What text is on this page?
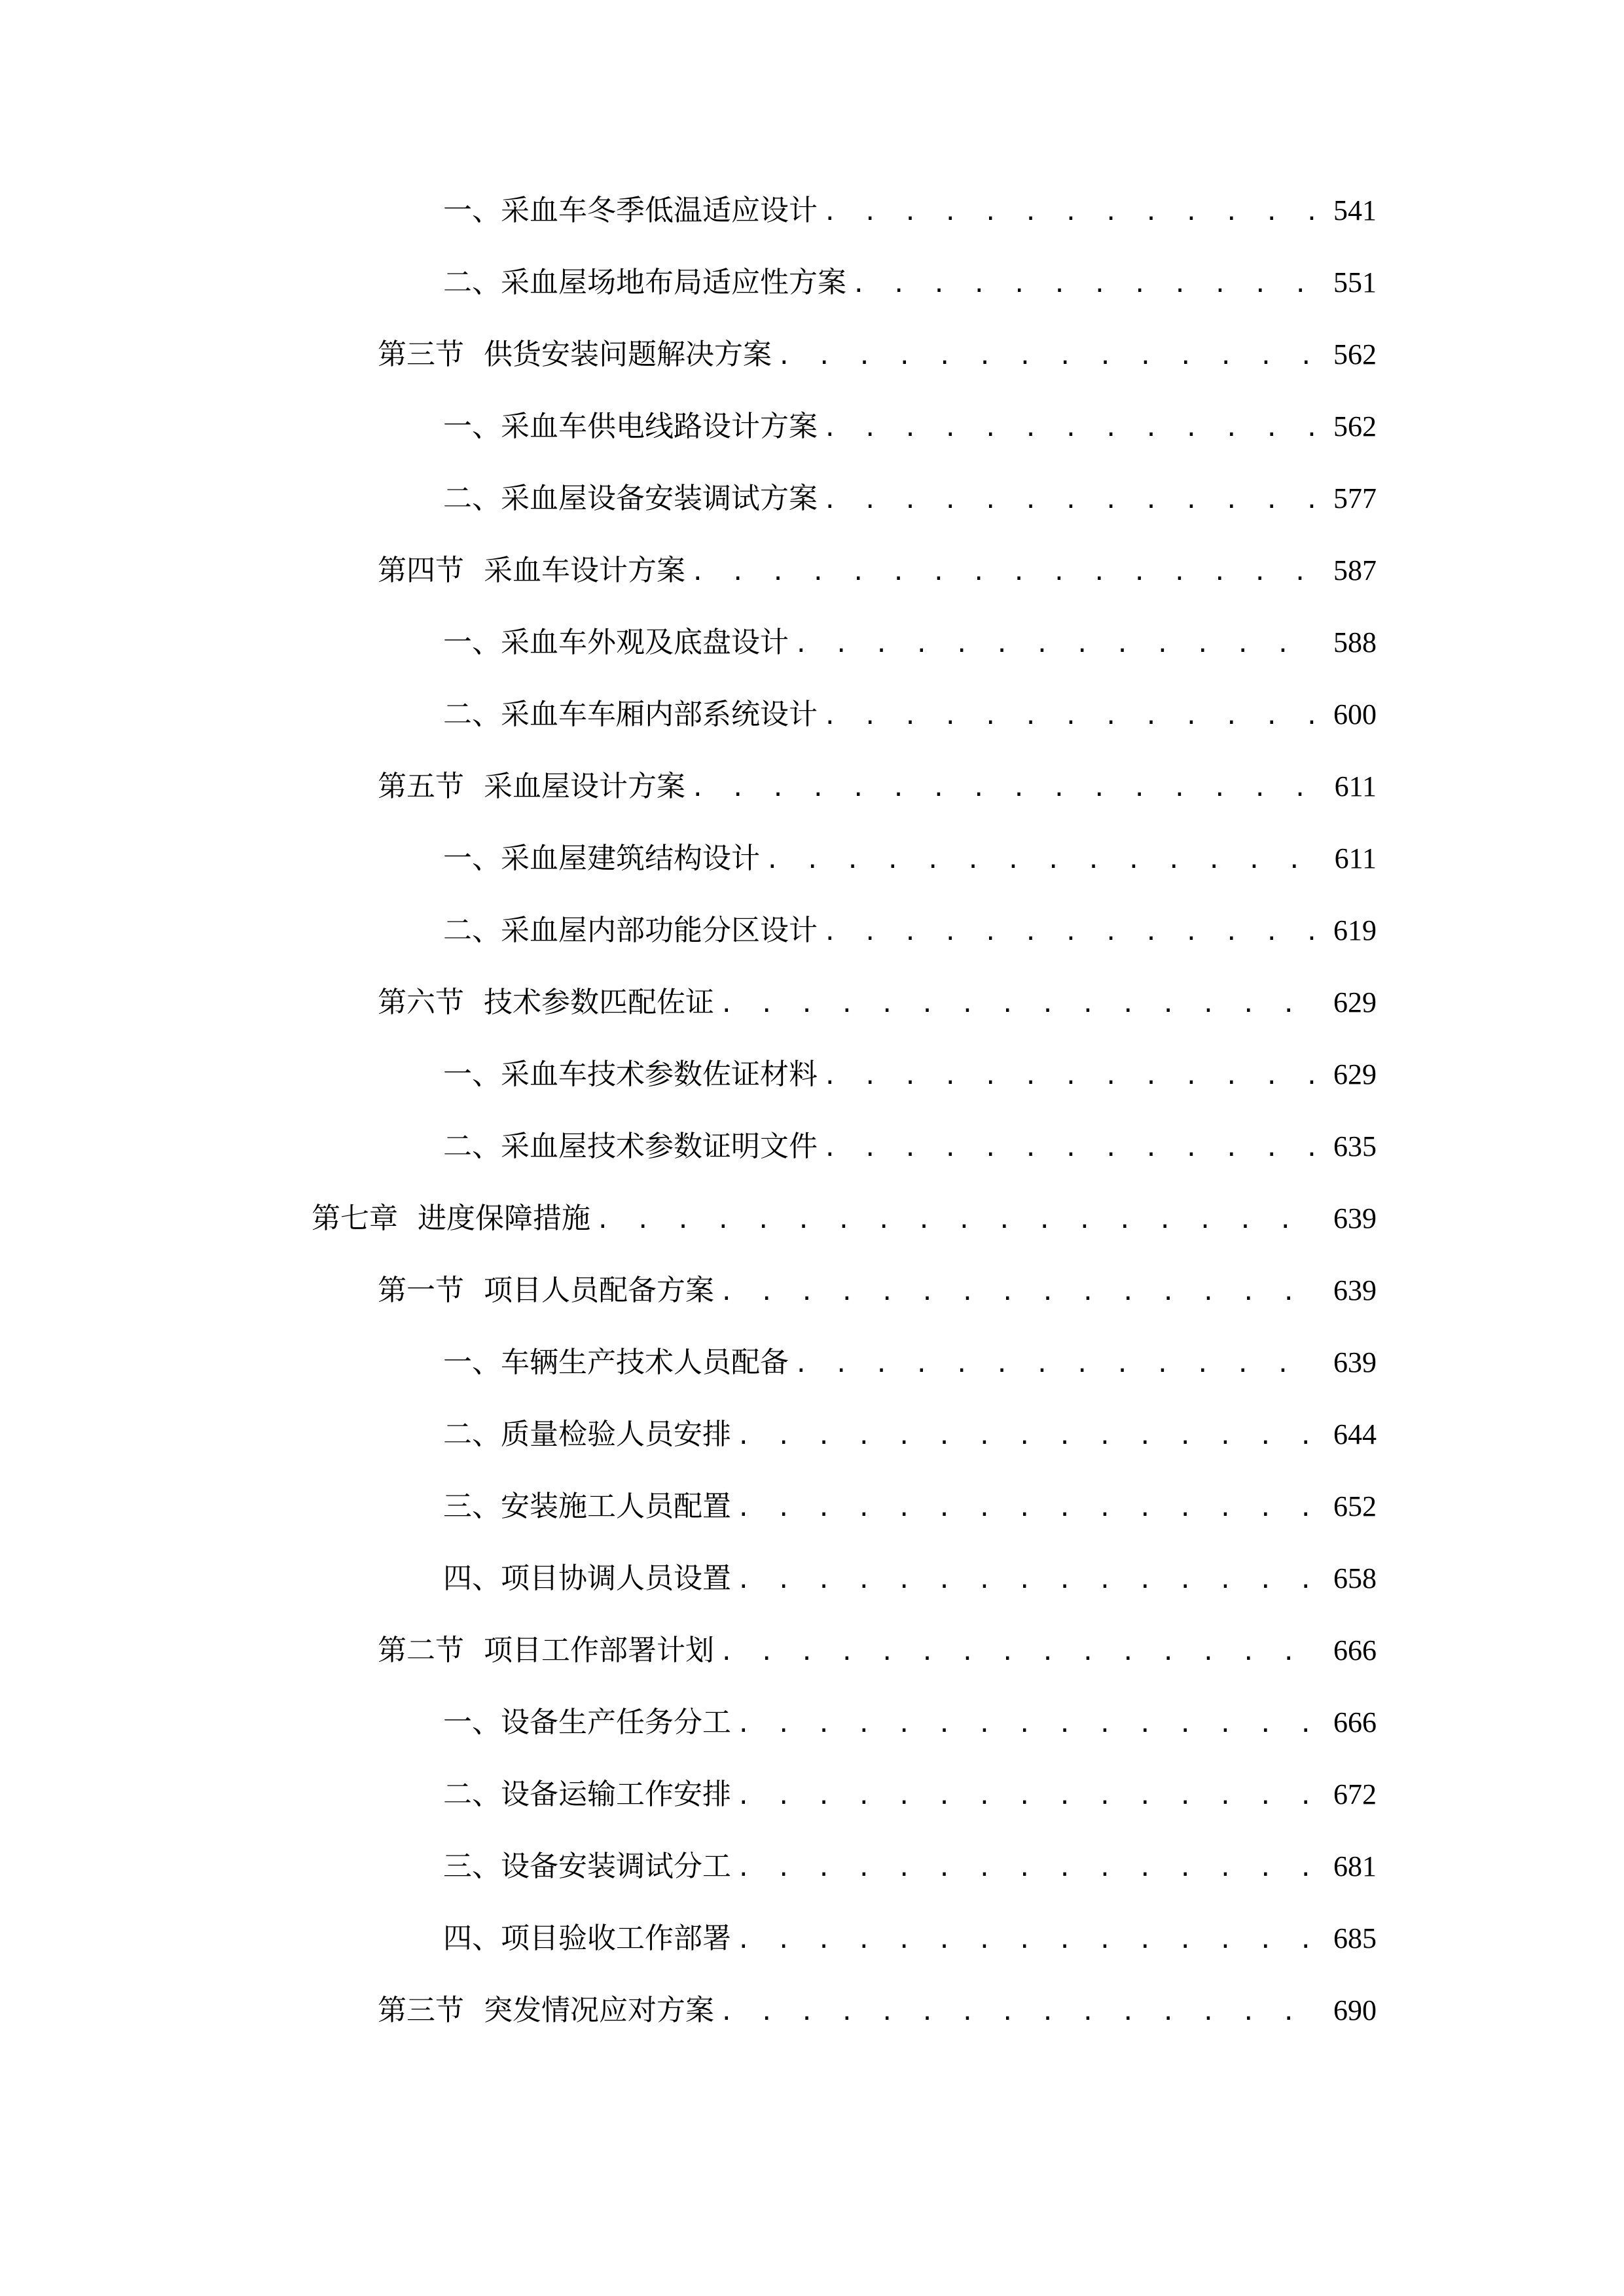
一、 采血车冬季低温适应设计 . . .	541
二、 采血屋场地布局适应性方案 . . .	551
第三节 供货安装问题解决方案 . . .	562
一、 采血车供电线路设计方案 . . .	562
二、 采血屋设备安装调试方案 . . .	577
第四节 采血车设计方案 . . .	587
一、 采血车外观及底盘设计 . . .	588
二、 采血车车厢内部系统设计 . . .	600
第五节 采血屋设计方案 . . .	611
一、 采血屋建筑结构设计 . . .	611
二、 采血屋内部功能分区设计 . . .	619
第六节 技术参数匹配佐证 . . .	629
一、 采血车技术参数佐证材料 . . .	629
二、 采血屋技术参数证明文件 . . .	635
第七章 进度保障措施 . . .	639
第一节 项目人员配备方案 . . .	639
一、 车辆生产技术人员配备 . . .	639
二、 质量检验人员安排 . . .	644
三、 安装施工人员配置 . . .	652
四、 项目协调人员设置 . . .	658
第二节 项目工作部署计划 . . .	666
一、 设备生产任务分工 . . .	666
二、 设备运输工作安排 . . .	672
三、 设备安装调试分工 . . .	681
四、 项目验收工作部署 . . .	685
第三节 突发情况应对方案 . . .	690
